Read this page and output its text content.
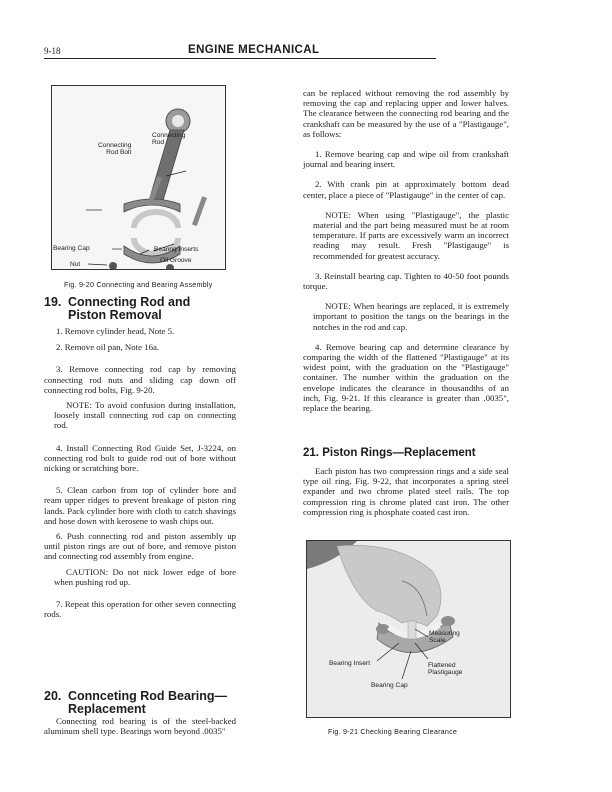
9-18	ENGINE MECHANICAL
Connecting
Rod
Connecting
Rod Bolt
Bearing Cap	Bearing Inserts
Oil Groove
Nut
Fig. 9-20 Connecting and Bearing Assembly
19. Connecting Rod and
Piston Removal

1. Remove cylinder head, Note 5.

2. Remove oil pan, Note 16a.

3. Remove connecting rod cap by removing connecting rod nuts and sliding cap down off connecting rod bolts, Fig. 9-20.

NOTE: To avoid confusion during installation, loosely install connecting rod cap on connecting rod.

4. Install Connecting Rod Guide Set, J-3224, on connecting rod bolt to guide rod out of bore without nicking or scratching bore.

5. Clean carbon from top of cylinder bore and ream upper ridges to prevent breakage of piston ring lands. Pack cylinder bore with cloth to catch shavings and hose down with kerosene to wash chips out.

6. Push connecting rod and piston assembly up until piston rings are out of bore, and remove piston and connecting rod assembly from engine.

CAUTION: Do not nick lower edge of bore when pushing rod up.

7. Repeat this operation for other seven connecting rods.

20. Connceting Rod Bearing—
Replacement

Connecting rod bearing is of the steel-backed aluminum shell type. Bearings worn beyond .0035"

can be replaced without removing the rod assembly by removing the cap and replacing upper and lower halves. The clearance between the connecting rod bearing and the crankshaft can be measured by the use of a "Plastigauge", as follows:

1. Remove bearing cap and wipe oil from crankshaft journal and bearing insert.

2. With crank pin at approximately bottom dead center, place a piece of "Plastigauge" in the center of cap.

NOTE: When using "Plastigauge", the plastic material and the part being measured must be at room temperature. If parts are excessively warm an incorrect reading may result. Fresh "Plastigauge" is recommended for greatest accuracy.

3. Reinstall bearing cap. Tighten to 40-50 foot pounds torque.

NOTE: When bearings are replaced, it is extremely important to position the tangs on the bearings in the notches in the rod and cap.

4. Remove bearing cap and determine clearance by comparing the width of the flattened "Plastigauge" at its widest point, with the graduation on the "Plastigauge" container. The number within the graduation on the envelope indicates the clearance in thousandths of an inch, Fig. 9-21. If this clearance is greater than .0035", replace the bearing.

21. Piston Rings—Replacement

Each piston has two compression rings and a side seal type oil ring, Fig. 9-22, that incorporates a spring steel expander and two chrome plated steel rails. The top compression ring is chrome plated cast iron. The other compression ring is phosphate coated cast iron.

Measuring
Scale
Bearing Insert	Flattened
Plastigauge
Bearing Cap
Fig. 9-21 Checking Bearing Clearance
